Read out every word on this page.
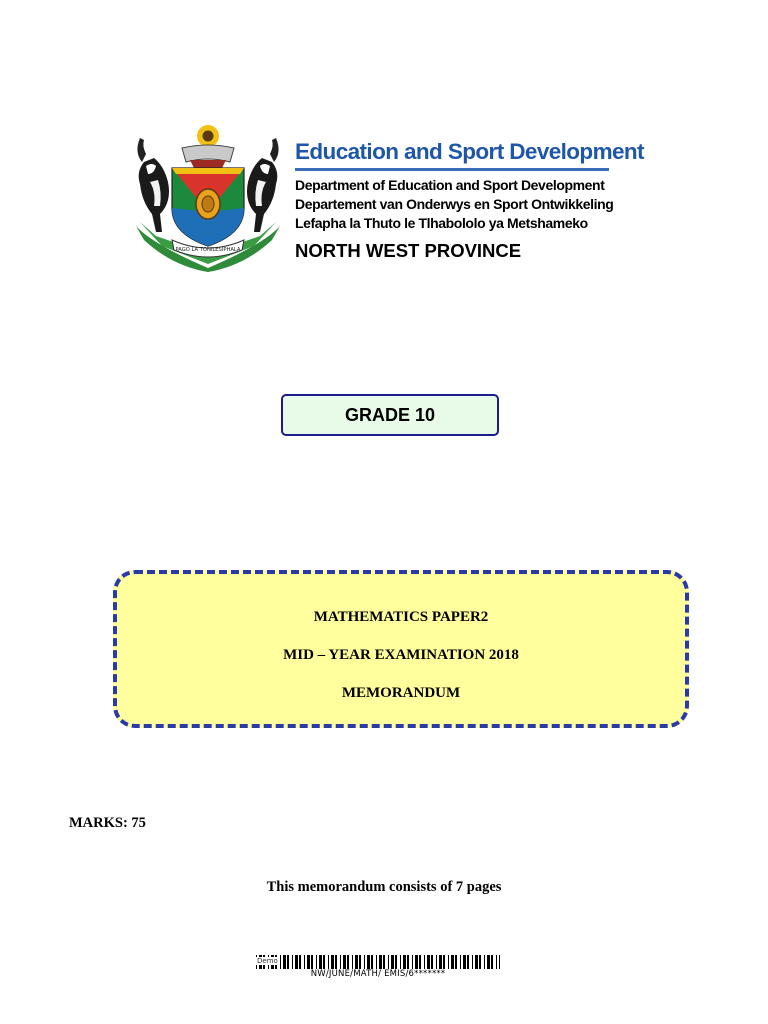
PAGO LA TONILESIPHALA
Education and Sport Development
Department of Education and Sport Development
Departement van Onderwys en Sport Ontwikkeling
Lefapha la Thuto le Tlhabololo ya Metshameko
NORTH WEST PROVINCE
GRADE 10
MATHEMATICS PAPER2
MID – YEAR EXAMINATION 2018
MEMORANDUM
MARKS: 75
This memorandum consists of 7 pages
Demo
NW/JUNE/MATH/ EMIS/6*******
